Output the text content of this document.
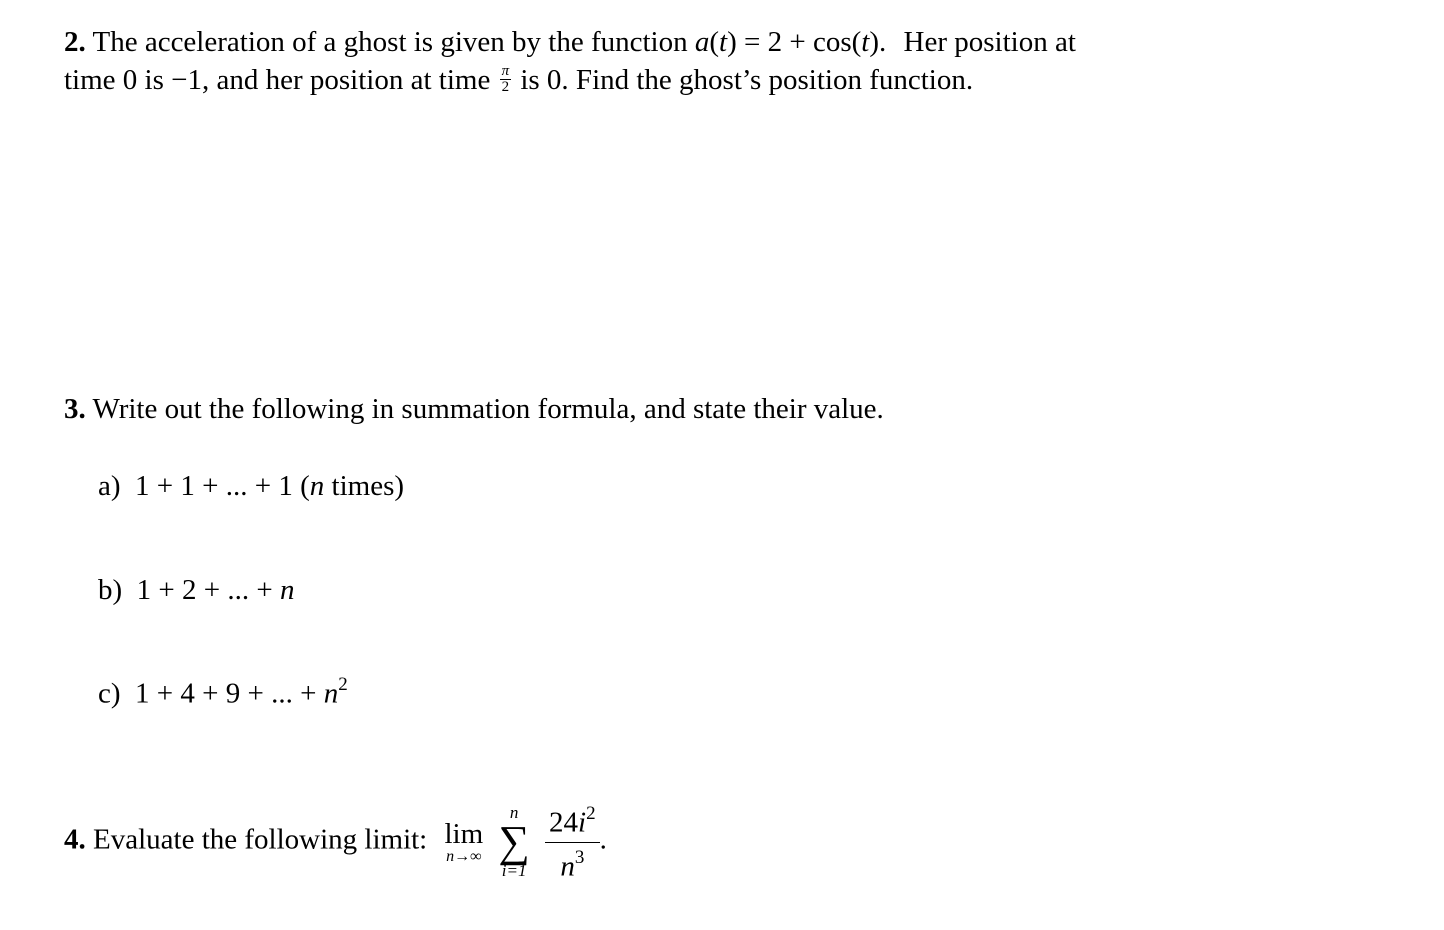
2. The acceleration of a ghost is given by the function a(t) = 2 + cos(t). Her position at
time 0 is −1, and her position at time $\frac{\pi}{2}$ is 0. Find the ghost’s position function.
3. Write out the following in summation formula, and state their value.
a) 1 + 1 + ... + 1 (n times)
b) 1 + 2 + ... + n
c) 1 + 4 + 9 + ... + $n^2$
4. Evaluate the following limit: lim
n→∞

n
∑
i=1
$\frac{24i^2}{n^3}$ .
